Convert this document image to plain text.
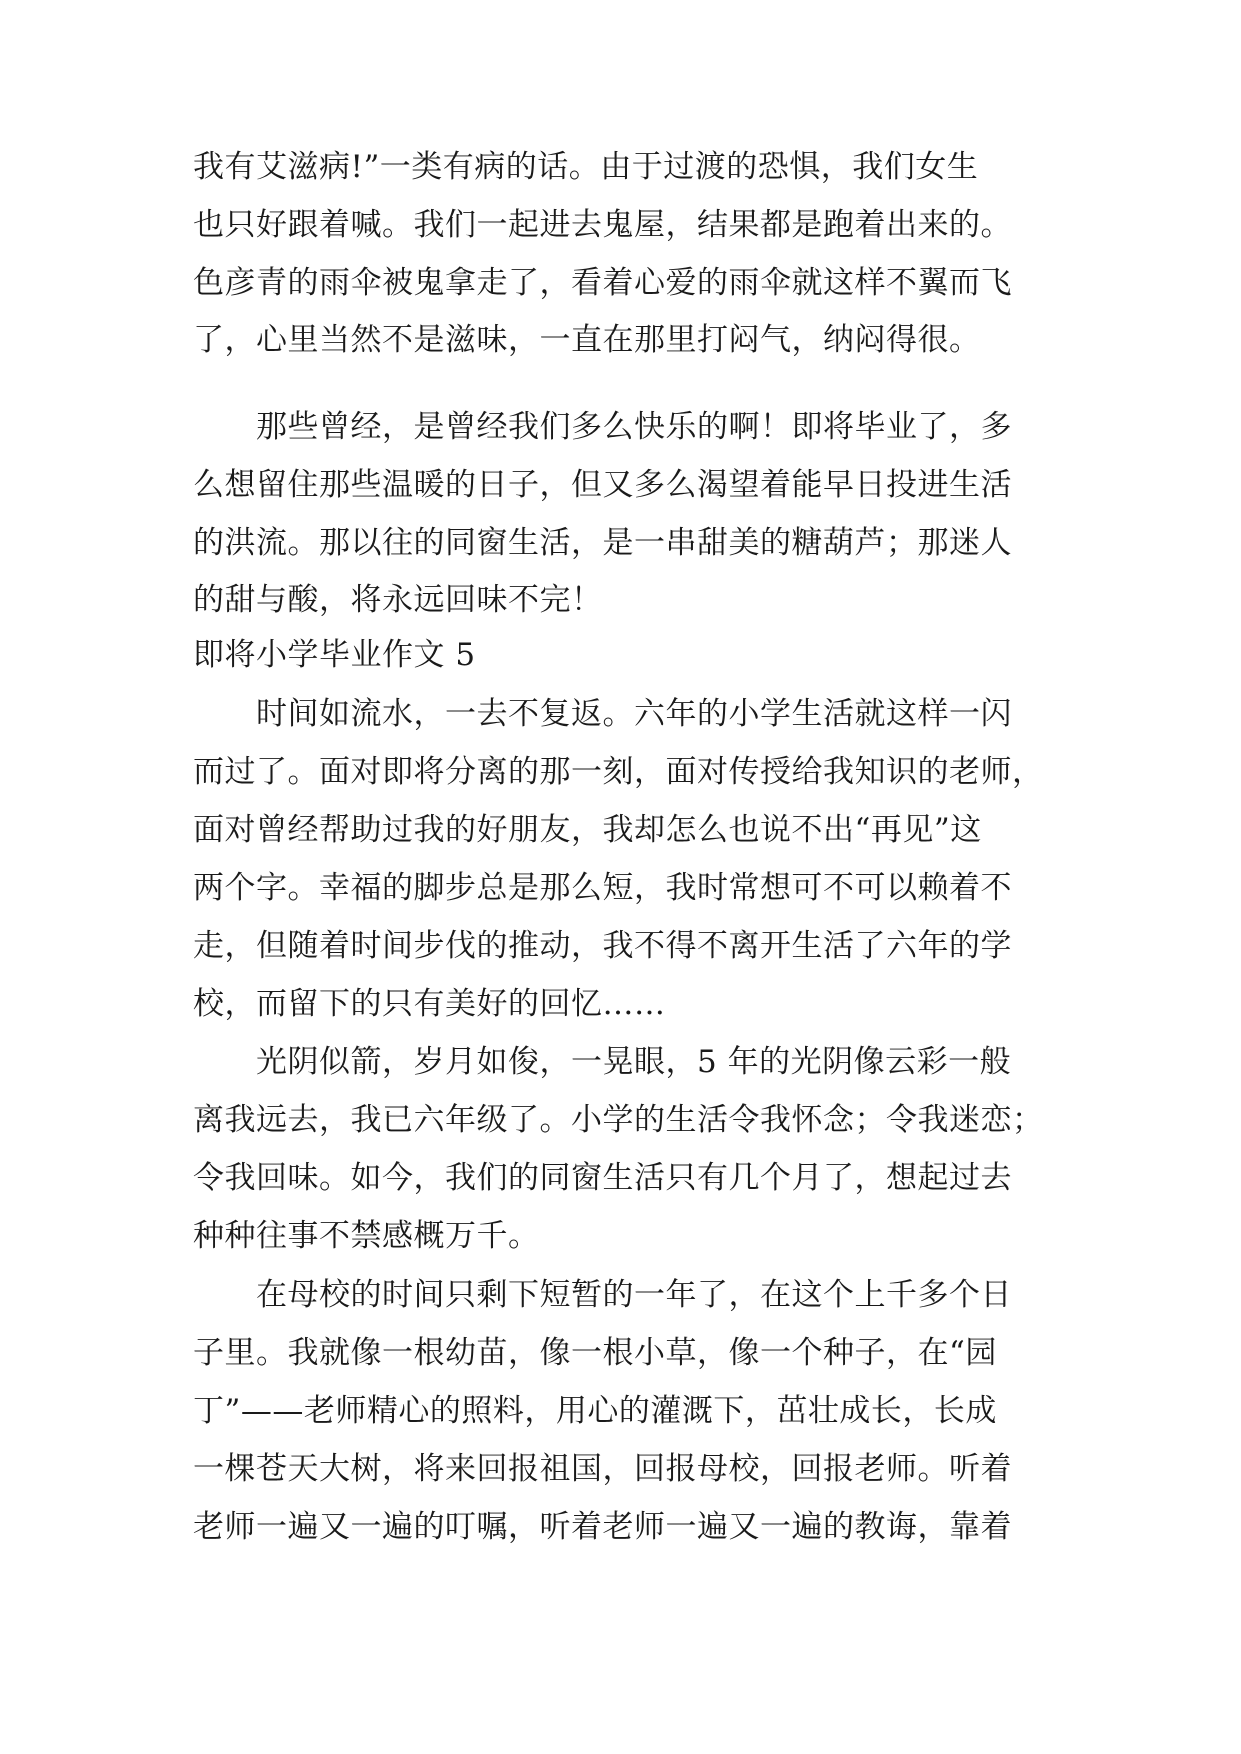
我有艾滋病!”一类有病的话。由于过渡的恐惧，我们女生
也只好跟着喊。我们一起进去鬼屋，结果都是跑着出来的。
色彦青的雨伞被鬼拿走了，看着心爱的雨伞就这样不翼而飞
了，心里当然不是滋味，一直在那里打闷气，纳闷得很。
　　那些曾经，是曾经我们多么快乐的啊！即将毕业了，多
么想留住那些温暖的日子，但又多么渴望着能早日投进生活
的洪流。那以往的同窗生活，是一串甜美的糖葫芦；那迷人
的甜与酸，将永远回味不完！
即将小学毕业作文 5
　　时间如流水，一去不复返。六年的小学生活就这样一闪
而过了。面对即将分离的那一刻，面对传授给我知识的老师，
面对曾经帮助过我的好朋友，我却怎么也说不出“再见”这
两个字。幸福的脚步总是那么短，我时常想可不可以赖着不
走，但随着时间步伐的推动，我不得不离开生活了六年的学
校，而留下的只有美好的回忆……
　　光阴似箭，岁月如俊，一晃眼，5 年的光阴像云彩一般
离我远去，我已六年级了。小学的生活令我怀念；令我迷恋；
令我回味。如今，我们的同窗生活只有几个月了，想起过去
种种往事不禁感概万千。
　　在母校的时间只剩下短暂的一年了，在这个上千多个日
子里。我就像一根幼苗，像一根小草，像一个种子，在“园
丁”——老师精心的照料，用心的灌溉下，茁壮成长，长成
一棵苍天大树，将来回报祖国，回报母校，回报老师。听着
老师一遍又一遍的叮嘱，听着老师一遍又一遍的教诲，靠着
